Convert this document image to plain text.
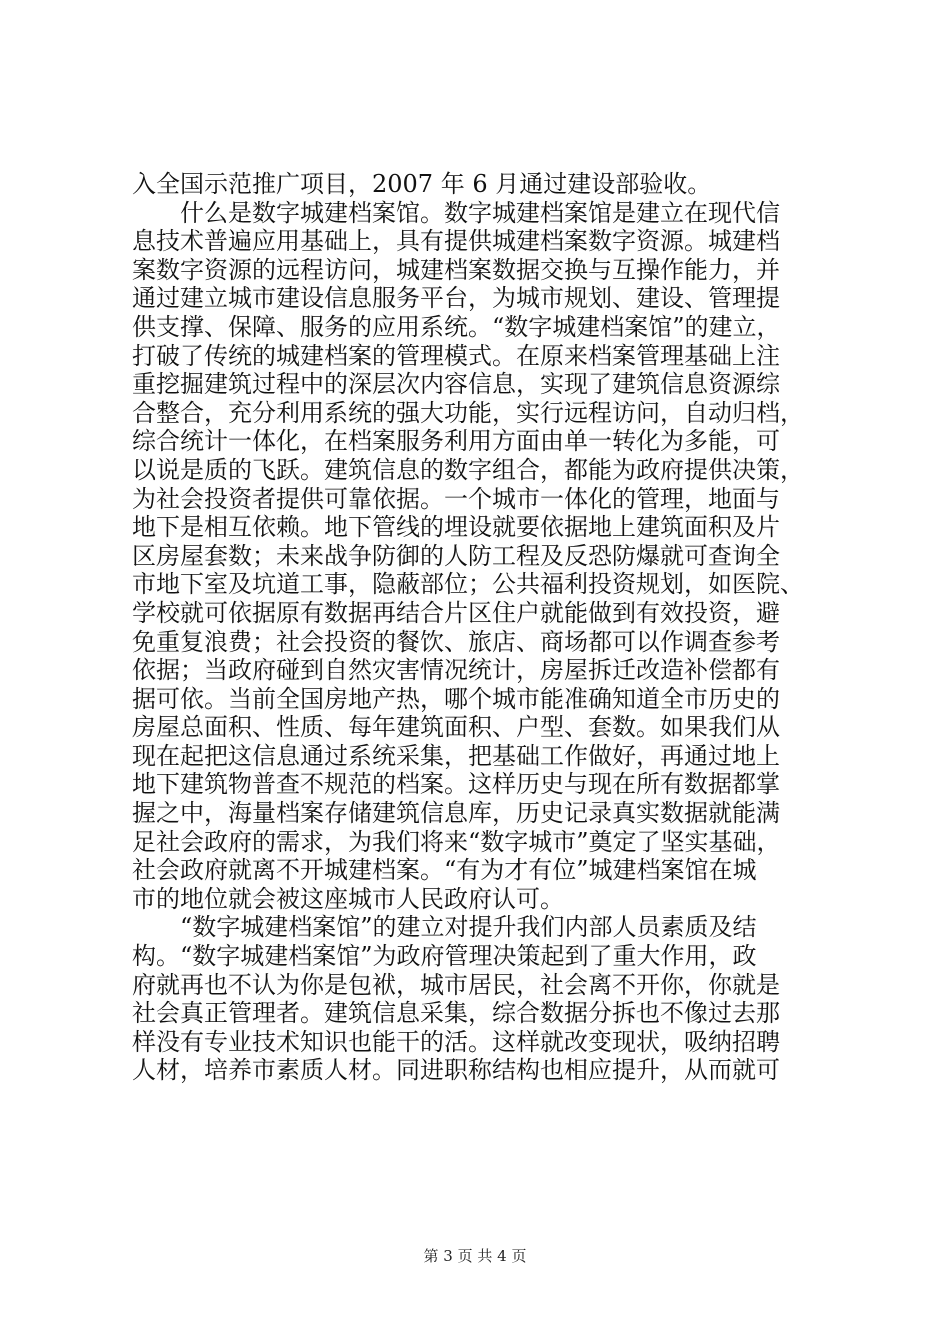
入全国示范推广项目，2007 年 6 月通过建设部验收。
什么是数字城建档案馆。数字城建档案馆是建立在现代信
息技术普遍应用基础上，具有提供城建档案数字资源。城建档
案数字资源的远程访问，城建档案数据交换与互操作能力，并
通过建立城市建设信息服务平台，为城市规划、建设、管理提
供支撑、保障、服务的应用系统。“数字城建档案馆”的建立，
打破了传统的城建档案的管理模式。在原来档案管理基础上注
重挖掘建筑过程中的深层次内容信息，实现了建筑信息资源综
合整合，充分利用系统的强大功能，实行远程访问，自动归档，
综合统计一体化，在档案服务利用方面由单一转化为多能，可
以说是质的飞跃。建筑信息的数字组合，都能为政府提供决策，
为社会投资者提供可靠依据。一个城市一体化的管理，地面与
地下是相互依赖。地下管线的埋设就要依据地上建筑面积及片
区房屋套数；未来战争防御的人防工程及反恐防爆就可查询全
市地下室及坑道工事，隐蔽部位；公共福利投资规划，如医院、
学校就可依据原有数据再结合片区住户就能做到有效投资，避
免重复浪费；社会投资的餐饮、旅店、商场都可以作调查参考
依据；当政府碰到自然灾害情况统计，房屋拆迁改造补偿都有
据可依。当前全国房地产热，哪个城市能准确知道全市历史的
房屋总面积、性质、每年建筑面积、户型、套数。如果我们从
现在起把这信息通过系统采集，把基础工作做好，再通过地上
地下建筑物普查不规范的档案。这样历史与现在所有数据都掌
握之中，海量档案存储建筑信息库，历史记录真实数据就能满
足社会政府的需求，为我们将来“数字城市”奠定了坚实基础，
社会政府就离不开城建档案。“有为才有位”城建档案馆在城
市的地位就会被这座城市人民政府认可。
“数字城建档案馆”的建立对提升我们内部人员素质及结
构。“数字城建档案馆”为政府管理决策起到了重大作用，政
府就再也不认为你是包袱，城市居民，社会离不开你，你就是
社会真正管理者。建筑信息采集，综合数据分拆也不像过去那
样没有专业技术知识也能干的活。这样就改变现状，吸纳招聘
人材，培养市素质人材。同进职称结构也相应提升，从而就可
第 3 页 共 4 页
